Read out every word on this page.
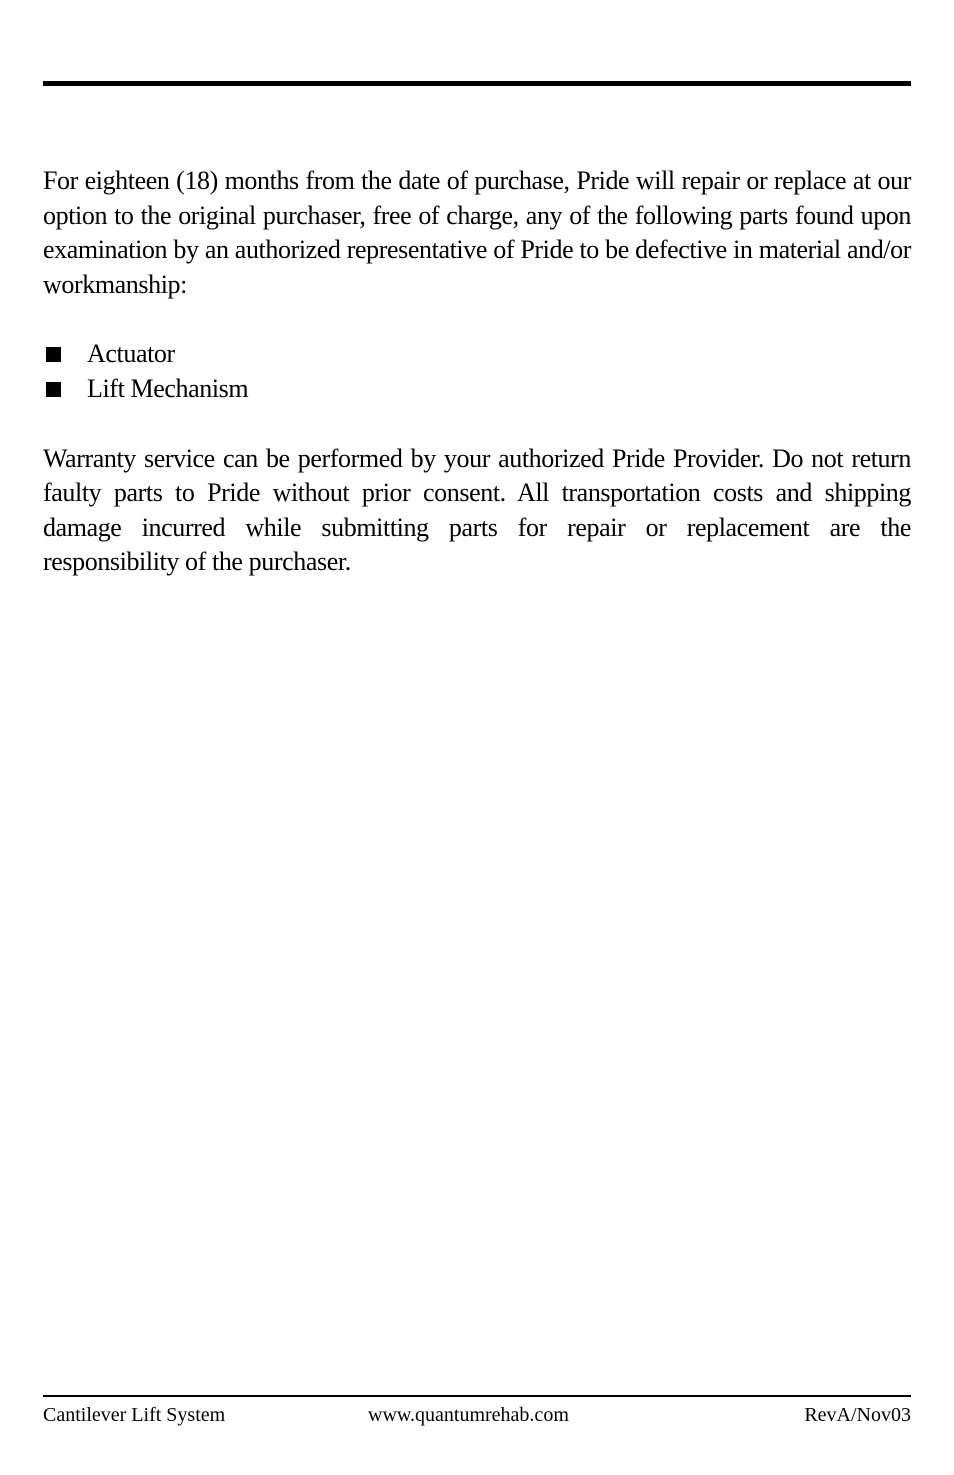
For eighteen (18) months from the date of purchase, Pride will repair or replace at our option to the original purchaser, free of charge, any of the following parts found upon examination by an authorized representative of Pride to be defective in material and/or workmanship:

Actuator
Lift Mechanism

Warranty service can be performed by your authorized Pride Provider. Do not return faulty parts to Pride without prior consent. All transportation costs and shipping damage incurred while submitting parts for repair or replacement are the responsibility of the purchaser.

Cantilever Lift System	www.quantumrehab.com	RevA/Nov03
